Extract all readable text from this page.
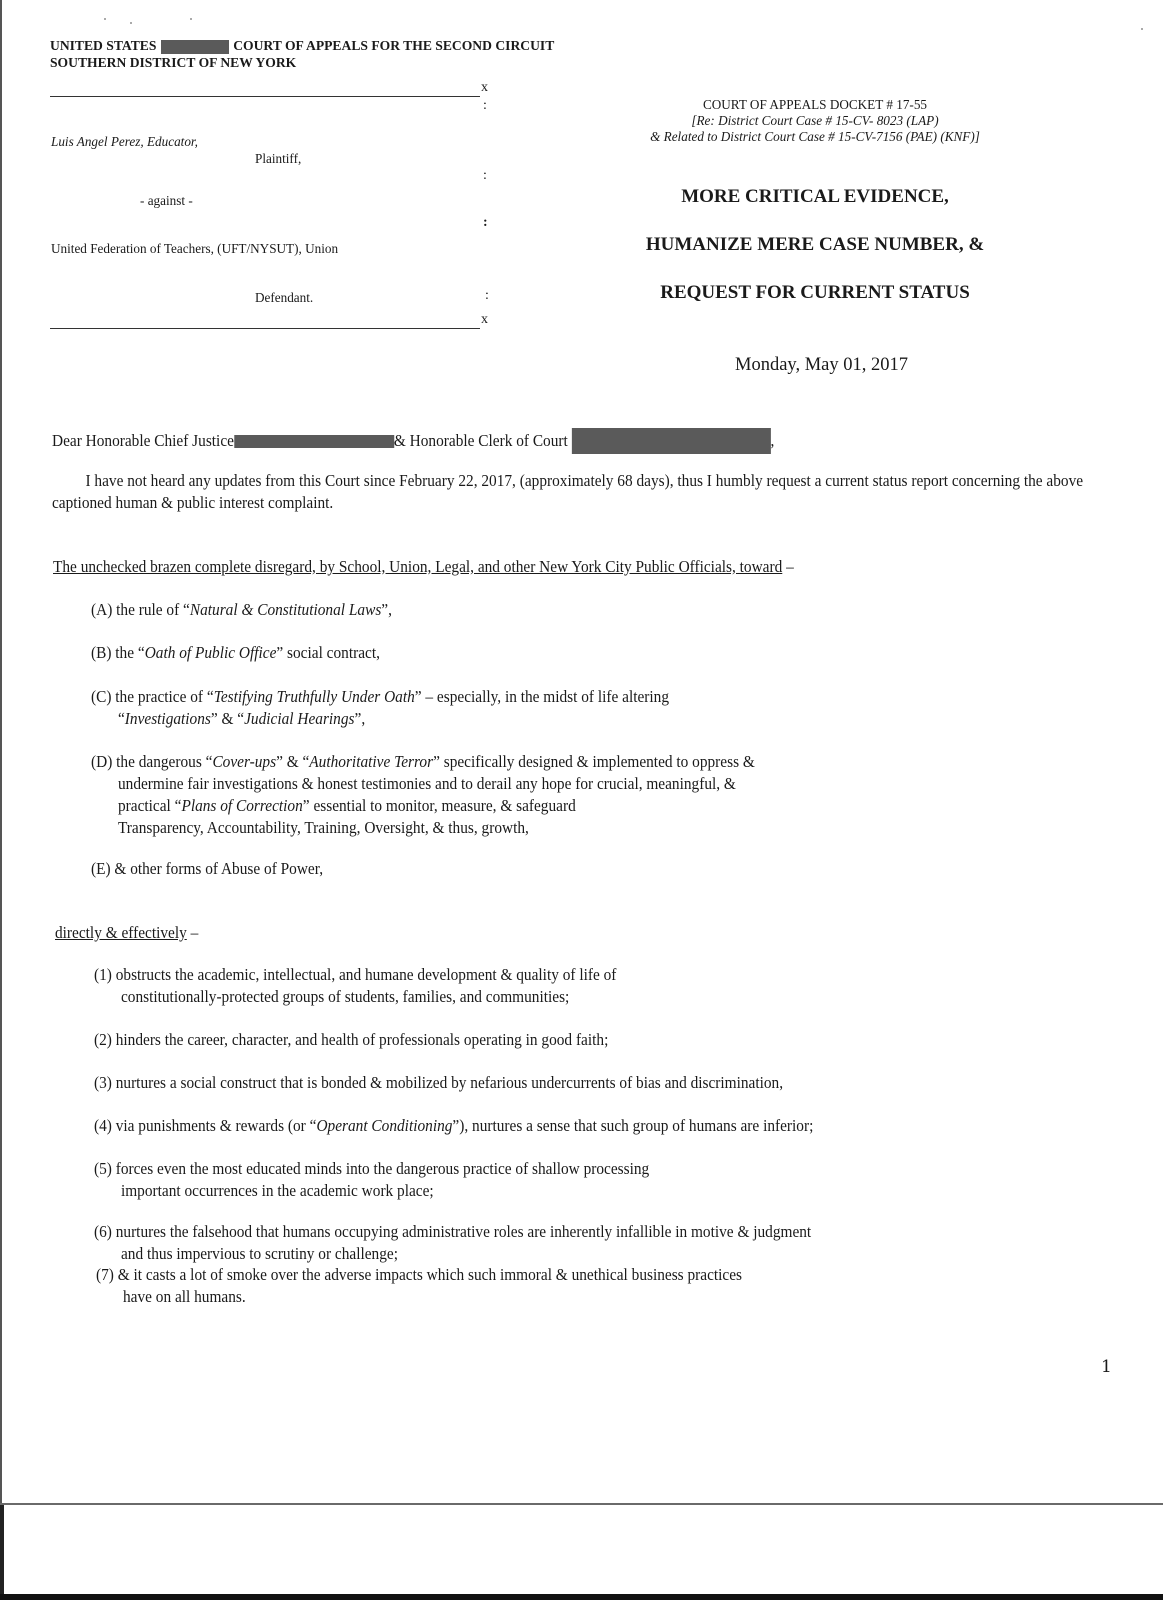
UNITED STATES	COURT OF APPEALS FOR THE SECOND CIRCUIT
SOUTHERN DISTRICT OF NEW YORK
x
:
Luis Angel Perez, Educator,
Plaintiff,
:
- against -
:
United Federation of Teachers, (UFT/NYSUT), Union
Defendant.	:
x
COURT OF APPEALS DOCKET # 17-55
[Re: District Court Case # 15-CV- 8023 (LAP)
& Related to District Court Case # 15-CV-7156 (PAE) (KNF)]
MORE CRITICAL EVIDENCE,
HUMANIZE MERE CASE NUMBER, &
REQUEST FOR CURRENT STATUS
Monday, May 01, 2017
Dear Honorable Chief Justice	& Honorable Clerk of Court	,
I have not heard any updates from this Court since February 22, 2017, (approximately 68 days), thus I humbly request a current status report concerning the above captioned human & public interest complaint.
The unchecked brazen complete disregard, by School, Union, Legal, and other New York City Public Officials, toward –
(A) the rule of “Natural & Constitutional Laws”,
(B) the “Oath of Public Office” social contract,
(C) the practice of “Testifying Truthfully Under Oath” – especially, in the midst of life altering
“Investigations” & “Judicial Hearings”,
(D) the dangerous “Cover-ups” & “Authoritative Terror” specifically designed & implemented to oppress &
undermine fair investigations & honest testimonies and to derail any hope for crucial, meaningful, &
practical “Plans of Correction” essential to monitor, measure, & safeguard
Transparency, Accountability, Training, Oversight, & thus, growth,
(E) & other forms of Abuse of Power,
directly & effectively –
(1) obstructs the academic, intellectual, and humane development & quality of life of
constitutionally-protected groups of students, families, and communities;
(2) hinders the career, character, and health of professionals operating in good faith;
(3) nurtures a social construct that is bonded & mobilized by nefarious undercurrents of bias and discrimination,
(4) via punishments & rewards (or “Operant Conditioning”), nurtures a sense that such group of humans are inferior;
(5) forces even the most educated minds into the dangerous practice of shallow processing
important occurrences in the academic work place;
(6) nurtures the falsehood that humans occupying administrative roles are inherently infallible in motive & judgment
and thus impervious to scrutiny or challenge;
(7) & it casts a lot of smoke over the adverse impacts which such immoral & unethical business practices
have on all humans.
1
